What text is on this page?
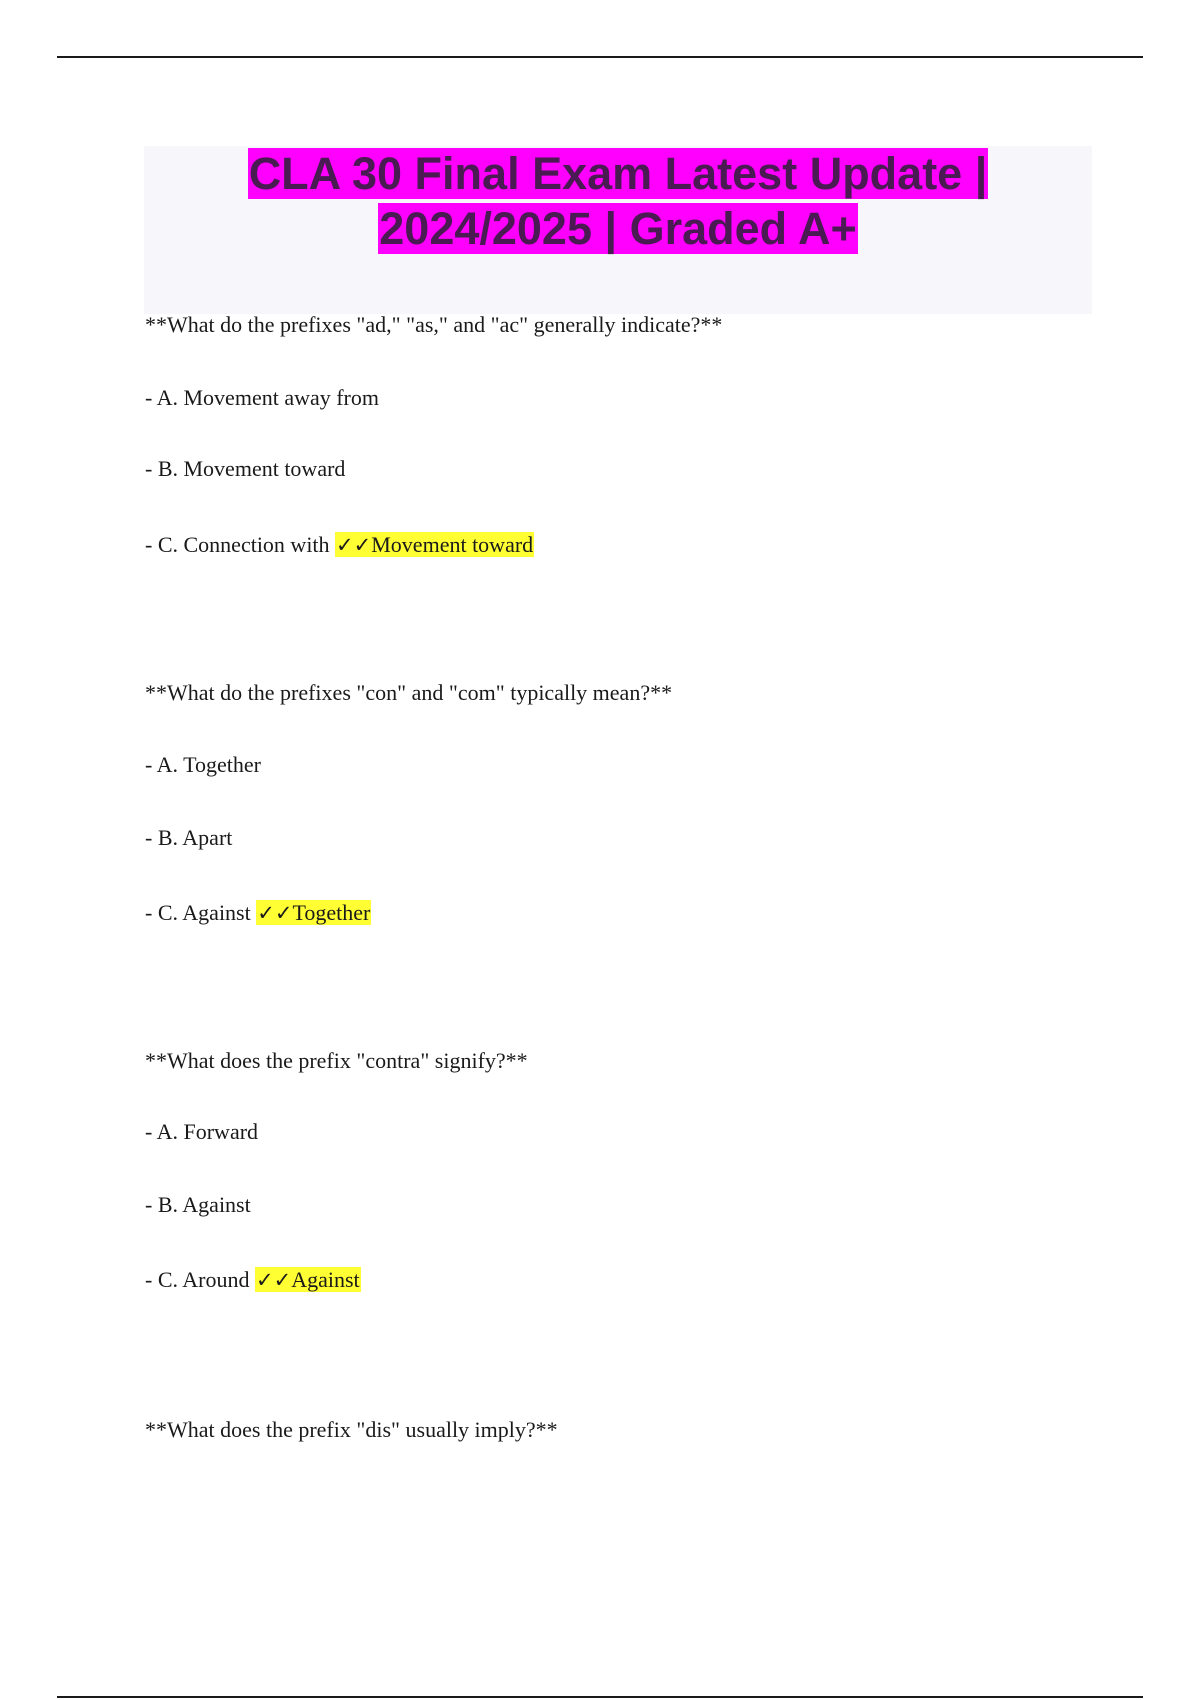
CLA 30 Final Exam Latest Update |
2024/2025 | Graded A+
**What do the prefixes "ad," "as," and "ac" generally indicate?**
- A. Movement away from
- B. Movement toward
- C. Connection with ✓✓Movement toward
**What do the prefixes "con" and "com" typically mean?**
- A. Together
- B. Apart
- C. Against ✓✓Together
**What does the prefix "contra" signify?**
- A. Forward
- B. Against
- C. Around ✓✓Against
**What does the prefix "dis" usually imply?**
